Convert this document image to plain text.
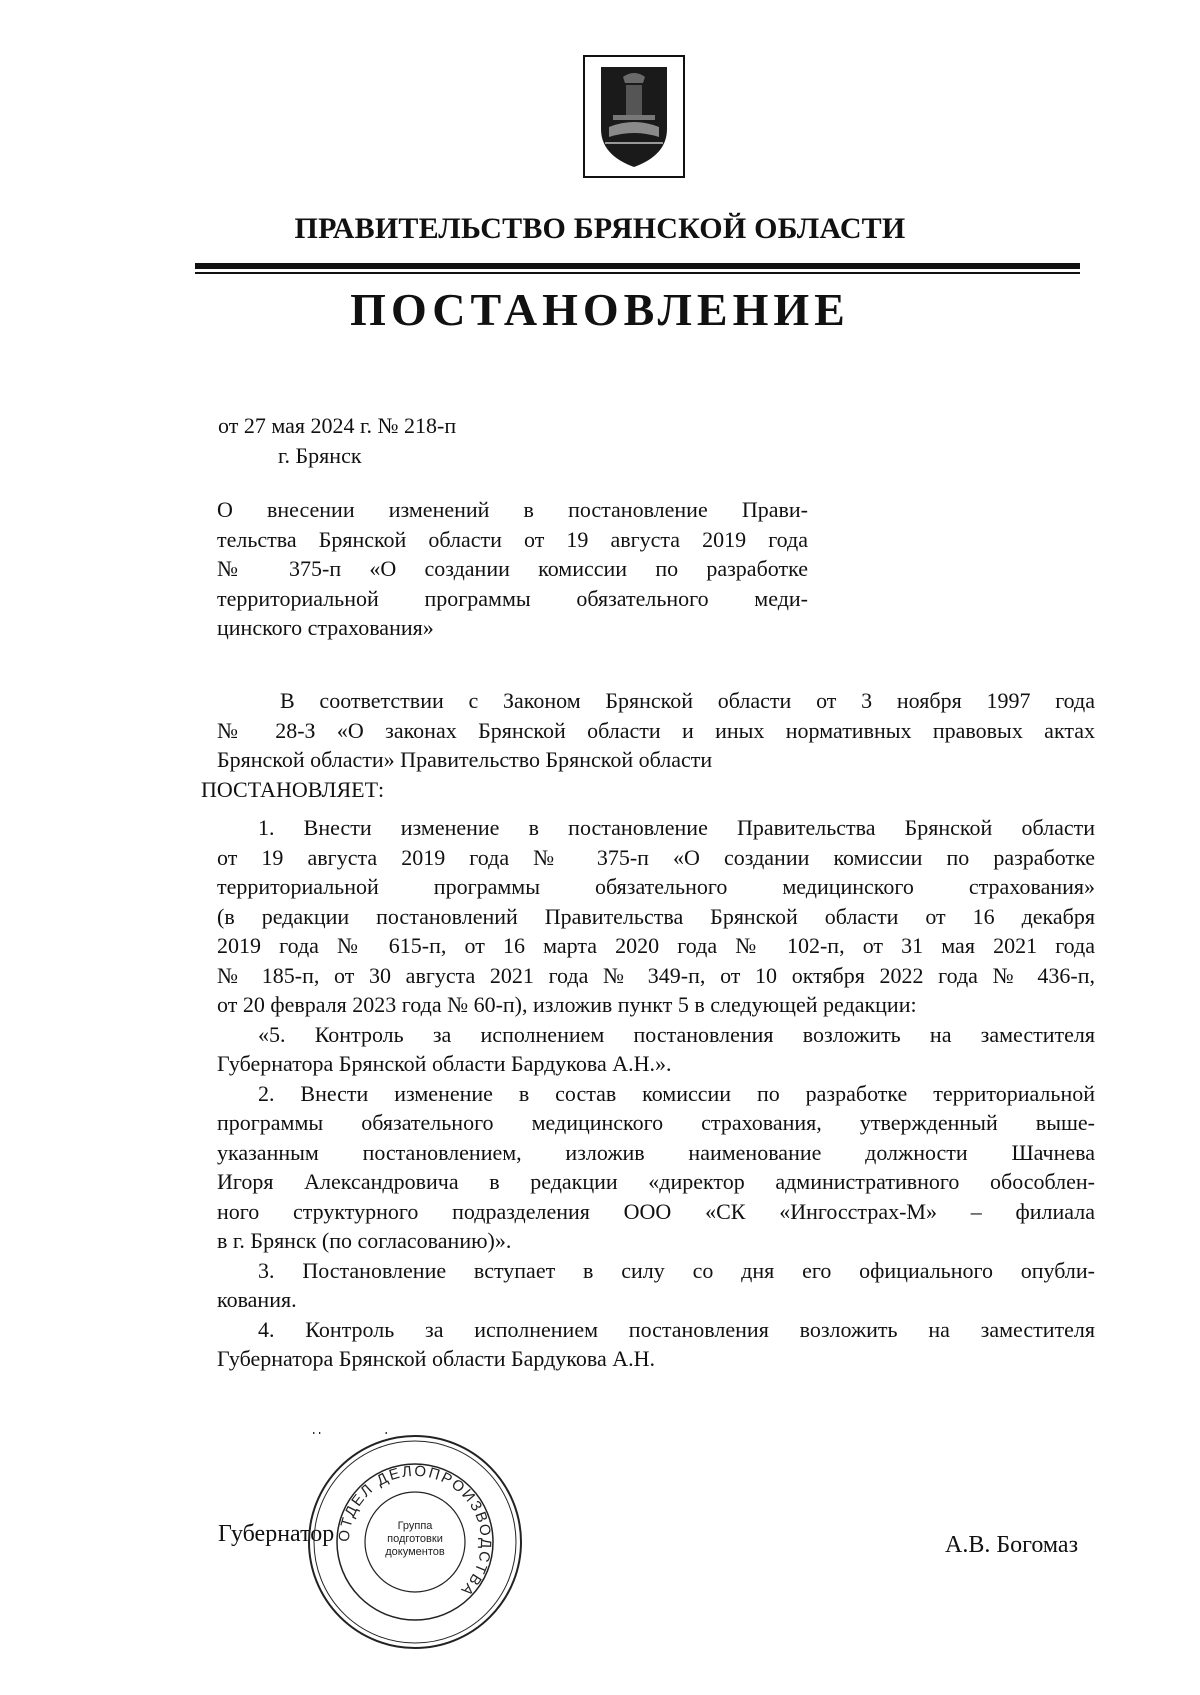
ПРАВИТЕЛЬСТВО БРЯНСКОЙ ОБЛАСТИ
ПОСТАНОВЛЕНИЕ
от 27 мая 2024 г. № 218-п
г. Брянск
О внесении изменений в постановление Прави-
тельства Брянской области от 19 августа 2019 года
№ 375-п «О создании комиссии по разработке
территориальной программы обязательного меди-
цинского страхования»
В соответствии с Законом Брянской области от 3 ноября 1997 года
№ 28-З «О законах Брянской области и иных нормативных правовых актах
Брянской области» Правительство Брянской области
ПОСТАНОВЛЯЕТ:
1. Внести изменение в постановление Правительства Брянской области
от 19 августа 2019 года № 375-п «О создании комиссии по разработке
территориальной программы обязательного медицинского страхования»
(в редакции постановлений Правительства Брянской области от 16 декабря
2019 года № 615-п, от 16 марта 2020 года № 102-п, от 31 мая 2021 года
№ 185-п, от 30 августа 2021 года № 349-п, от 10 октября 2022 года № 436-п,
от 20 февраля 2023 года № 60-п), изложив пункт 5 в следующей редакции:
«5. Контроль за исполнением постановления возложить на заместителя
Губернатора Брянской области Бардукова А.Н.».
2. Внести изменение в состав комиссии по разработке территориальной
программы обязательного медицинского страхования, утвержденный выше-
указанным постановлением, изложив наименование должности Шачнева
Игоря Александровича в редакции «директор административного обособлен-
ного структурного подразделения ООО «СК «Ингосстрах-М» – филиала
в г. Брянск (по согласованию)».
3. Постановление вступает в силу со дня его официального опубли-
кования.
4. Контроль за исполнением постановления возложить на заместителя
Губернатора Брянской области Бардукова А.Н.
Губернатор	А.В. Богомаз
ОТДЕЛ ДЕЛОПРОИЗВОДСТВА
Группа подготовки документов
